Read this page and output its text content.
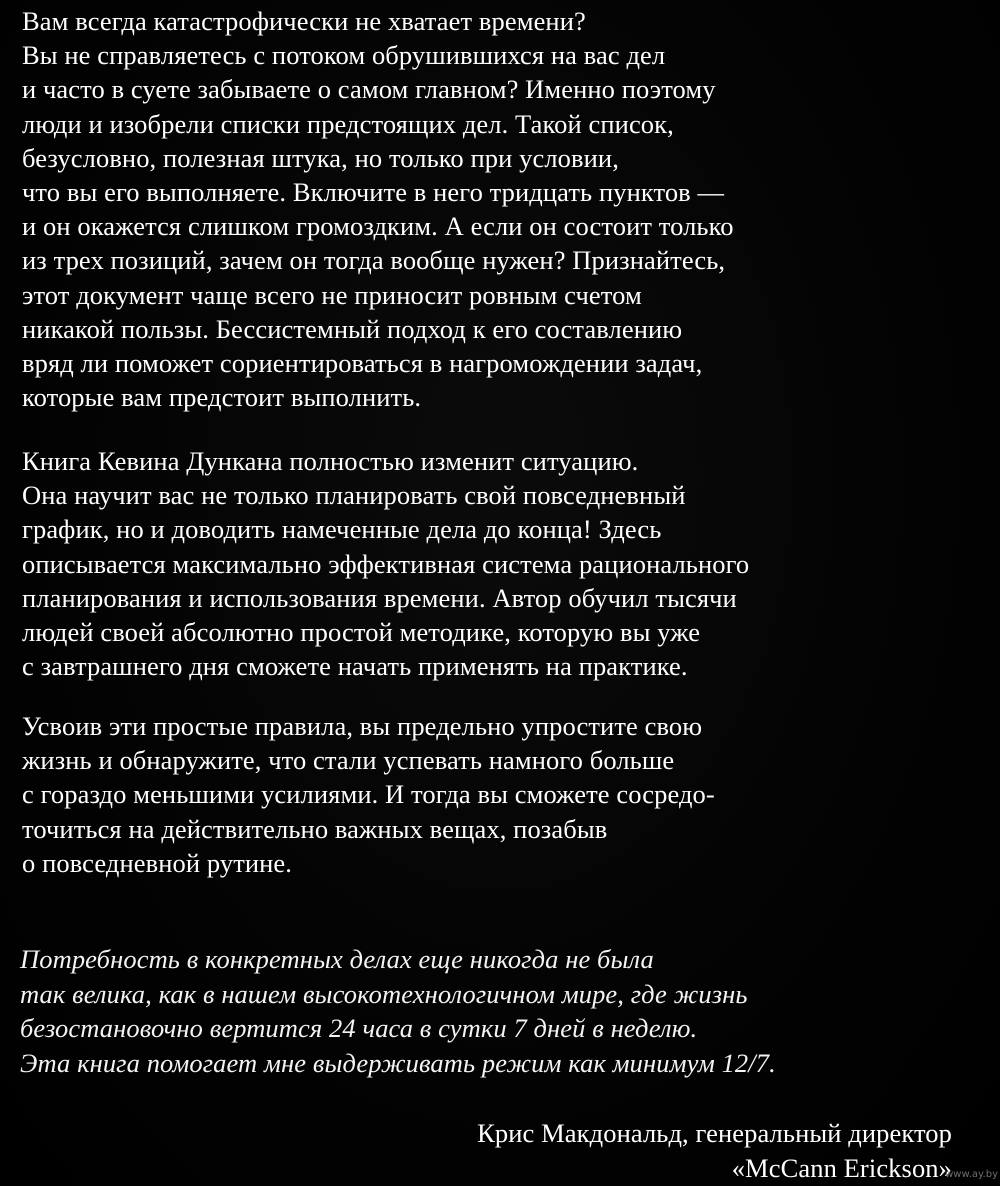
Вам всегда катастрофически не хватает времени?
Вы не справляетесь с потоком обрушившихся на вас дел
и часто в суете забываете о самом главном? Именно поэтому
люди и изобрели списки предстоящих дел. Такой список,
безусловно, полезная штука, но только при условии,
что вы его выполняете. Включите в него тридцать пунктов —
и он окажется слишком громоздким. А если он состоит только
из трех позиций, зачем он тогда вообще нужен? Признайтесь,
этот документ чаще всего не приносит ровным счетом
никакой пользы. Бессистемный подход к его составлению
вряд ли поможет сориентироваться в нагромождении задач,
которые вам предстоит выполнить.
Книга Кевина Дункана полностью изменит ситуацию.
Она научит вас не только планировать свой повседневный
график, но и доводить намеченные дела до конца! Здесь
описывается максимально эффективная система рационального
планирования и использования времени. Автор обучил тысячи
людей своей абсолютно простой методике, которую вы уже
с завтрашнего дня сможете начать применять на практике.
Усвоив эти простые правила, вы предельно упростите свою
жизнь и обнаружите, что стали успевать намного больше
с гораздо меньшими усилиями. И тогда вы сможете сосредо-
точиться на действительно важных вещах, позабыв
о повседневной рутине.
Потребность в конкретных делах еще никогда не была
так велика, как в нашем высокотехнологичном мире, где жизнь
безостановочно вертится 24 часа в сутки 7 дней в неделю.
Эта книга помогает мне выдерживать режим как минимум 12/7.
Крис Макдональд, генеральный директор
«McCann Erickson»
www.ay.by
